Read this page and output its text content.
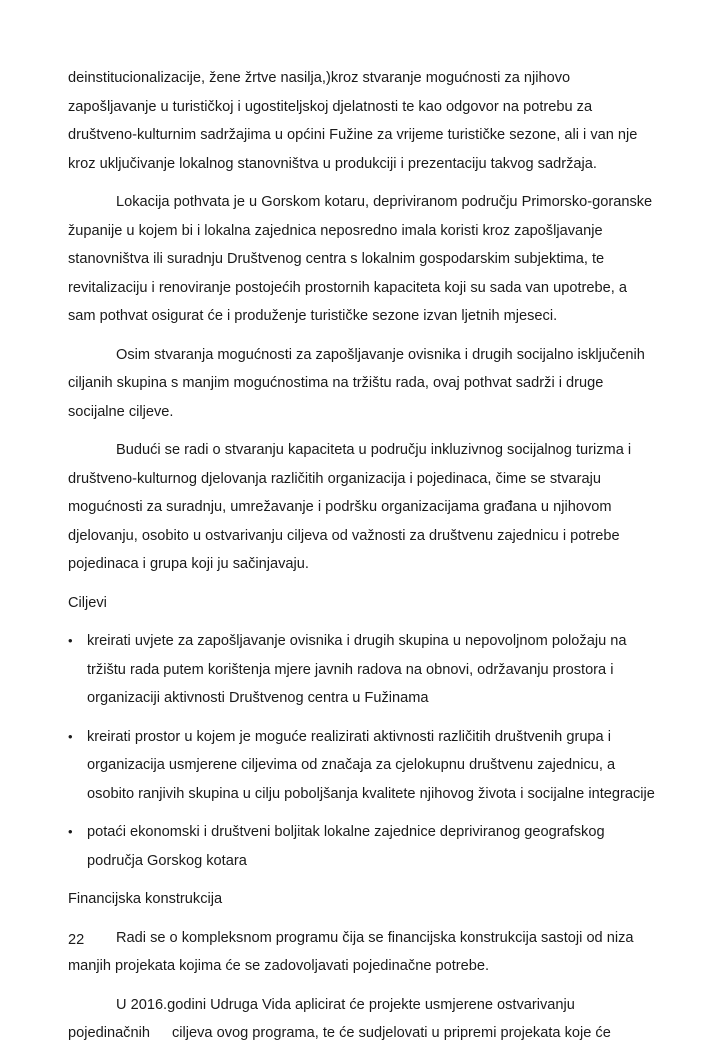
deinstitucionalizacije, žene žrtve nasilja,)kroz stvaranje mogućnosti za njihovo zapošljavanje u turističkoj i ugostiteljskoj djelatnosti te kao odgovor na potrebu za društveno-kulturnim sadržajima u općini Fužine za vrijeme turističke sezone, ali i van nje kroz uključivanje lokalnog stanovništva u produkciji i prezentaciju takvog sadržaja.

Lokacija pothvata je u Gorskom kotaru, depriviranom području Primorsko-goranske županije u kojem bi i lokalna zajednica neposredno imala koristi kroz zapošljavanje stanovništva ili suradnju Društvenog centra s lokalnim gospodarskim subjektima, te revitalizaciju i renoviranje postojećih prostornih kapaciteta koji su sada van upotrebe, a sam pothvat osigurat će i produženje turističke sezone izvan ljetnih mjeseci.

Osim stvaranja mogućnosti za zapošljavanje ovisnika i drugih socijalno isključenih ciljanih skupina s manjim mogućnostima na tržištu rada, ovaj pothvat sadrži i druge socijalne ciljeve.

Budući se radi o stvaranju kapaciteta u području inkluzivnog socijalnog turizma i društveno-kulturnog djelovanja različitih organizacija i pojedinaca, čime se stvaraju mogućnosti za suradnju, umrežavanje i podršku organizacijama građana u njihovom djelovanju, osobito u ostvarivanju ciljeva od važnosti za društvenu zajednicu i potrebe pojedinaca i grupa koji ju sačinjavaju.

Ciljevi
• kreirati uvjete za zapošljavanje ovisnika i drugih skupina u nepovoljnom položaju na tržištu rada putem korištenja mjere javnih radova na obnovi, održavanju prostora i organizaciji aktivnosti Društvenog centra u Fužinama
• kreirati prostor u kojem je moguće realizirati aktivnosti različitih društvenih grupa i organizacija usmjerene ciljevima od značaja za cjelokupnu društvenu zajednicu, a osobito ranjivih skupina u cilju poboljšanja kvalitete njihovog života i socijalne integracije
• potaći ekonomski i društveni boljitak lokalne zajednice depriviranog geografskog područja Gorskog kotara
Financijska konstrukcija

Radi se o kompleksnom programu čija se financijska konstrukcija sastoji od niza manjih projekata kojima će se zadovoljavati pojedinačne potrebe.

U 2016.godini Udruga Vida aplicirat će projekte usmjerene ostvarivanju pojedinačnih ciljeva ovog programa, te će sudjelovati u pripremi projekata koje će

22
